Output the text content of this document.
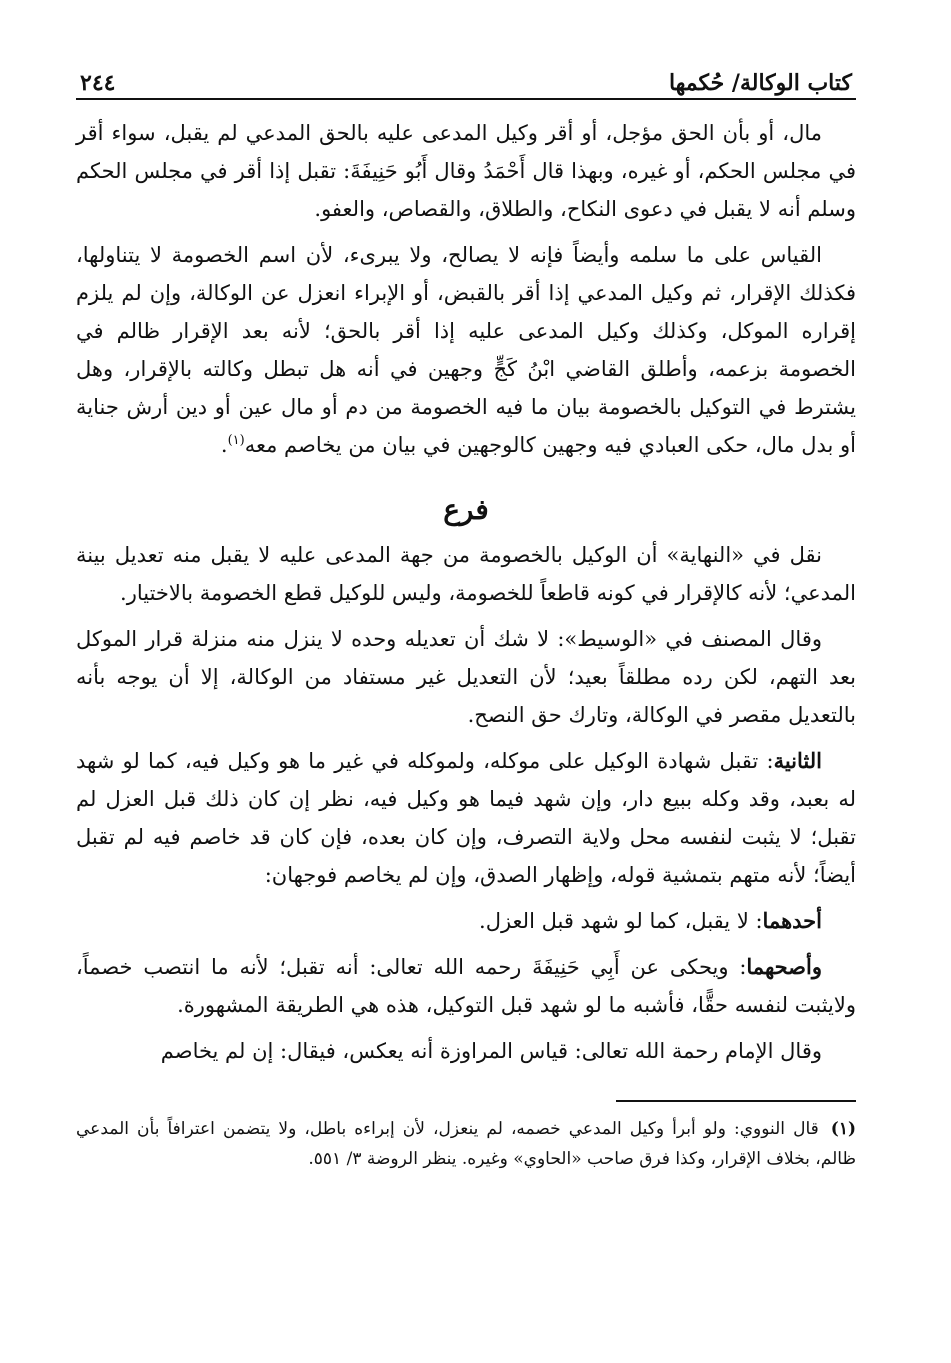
كتاب الوكالة/ حُكمها
٢٤٤

مال، أو بأن الحق مؤجل، أو أقر وكيل المدعى عليه بالحق المدعي لم يقبل، سواء أقر في مجلس الحكم، أو غيره، وبهذا قال أَحْمَدُ وقال أَبُو حَنِيفَةَ: تقبل إذا أقر في مجلس الحكم وسلم أنه لا يقبل في دعوى النكاح، والطلاق، والقصاص، والعفو.

القياس على ما سلمه وأيضاً فإنه لا يصالح، ولا يبرىء، لأن اسم الخصومة لا يتناولها، فكذلك الإقرار، ثم وكيل المدعي إذا أقر بالقبض، أو الإبراء انعزل عن الوكالة، وإن لم يلزم إقراره الموكل، وكذلك وكيل المدعى عليه إذا أقر بالحق؛ لأنه بعد الإقرار ظالم في الخصومة بزعمه، وأطلق القاضي ابْنُ كَجٍّ وجهين في أنه هل تبطل وكالته بالإقرار، وهل يشترط في التوكيل بالخصومة بيان ما فيه الخصومة من دم أو مال عين أو دين أرش جناية أو بدل مال، حكى العبادي فيه وجهين كالوجهين في بيان من يخاصم معه$^{(١)}$.

فرع

نقل في «النهاية» أن الوكيل بالخصومة من جهة المدعى عليه لا يقبل منه تعديل بينة المدعي؛ لأنه كالإقرار في كونه قاطعاً للخصومة، وليس للوكيل قطع الخصومة بالاختيار.

وقال المصنف في «الوسيط»: لا شك أن تعديله وحده لا ينزل منه منزلة قرار الموكل بعد التهم، لكن رده مطلقاً بعيد؛ لأن التعديل غير مستفاد من الوكالة، إلا أن يوجه بأنه بالتعديل مقصر في الوكالة، وتارك حق النصح.

الثانية: تقبل شهادة الوكيل على موكله، ولموكله في غير ما هو وكيل فيه، كما لو شهد له بعبد، وقد وكله ببيع دار، وإن شهد فيما هو وكيل فيه، نظر إن كان ذلك قبل العزل لم تقبل؛ لا يثبت لنفسه محل ولاية التصرف، وإن كان بعده، فإن كان قد خاصم فيه لم تقبل أيضاً؛ لأنه متهم بتمشية قوله، وإظهار الصدق، وإن لم يخاصم فوجهان:

أحدهما: لا يقبل، كما لو شهد قبل العزل.

وأصحهما: ويحكى عن أَبِي حَنِيفَةَ رحمه الله تعالى: أنه تقبل؛ لأنه ما انتصب خصماً، ولايثبت لنفسه حقًّا، فأشبه ما لو شهد قبل التوكيل، هذه هي الطريقة المشهورة.

وقال الإمام رحمة الله تعالى: قياس المراوزة أنه يعكس، فيقال: إن لم يخاصم

(١)قال النووي: ولو أبرأ وكيل المدعي خصمه، لم ينعزل، لأن إبراءه باطل، ولا يتضمن اعترافاً بأن المدعي ظالم، بخلاف الإقرار، وكذا فرق صاحب «الحاوي» وغيره. ينظر الروضة ٣/ ٥٥١.
